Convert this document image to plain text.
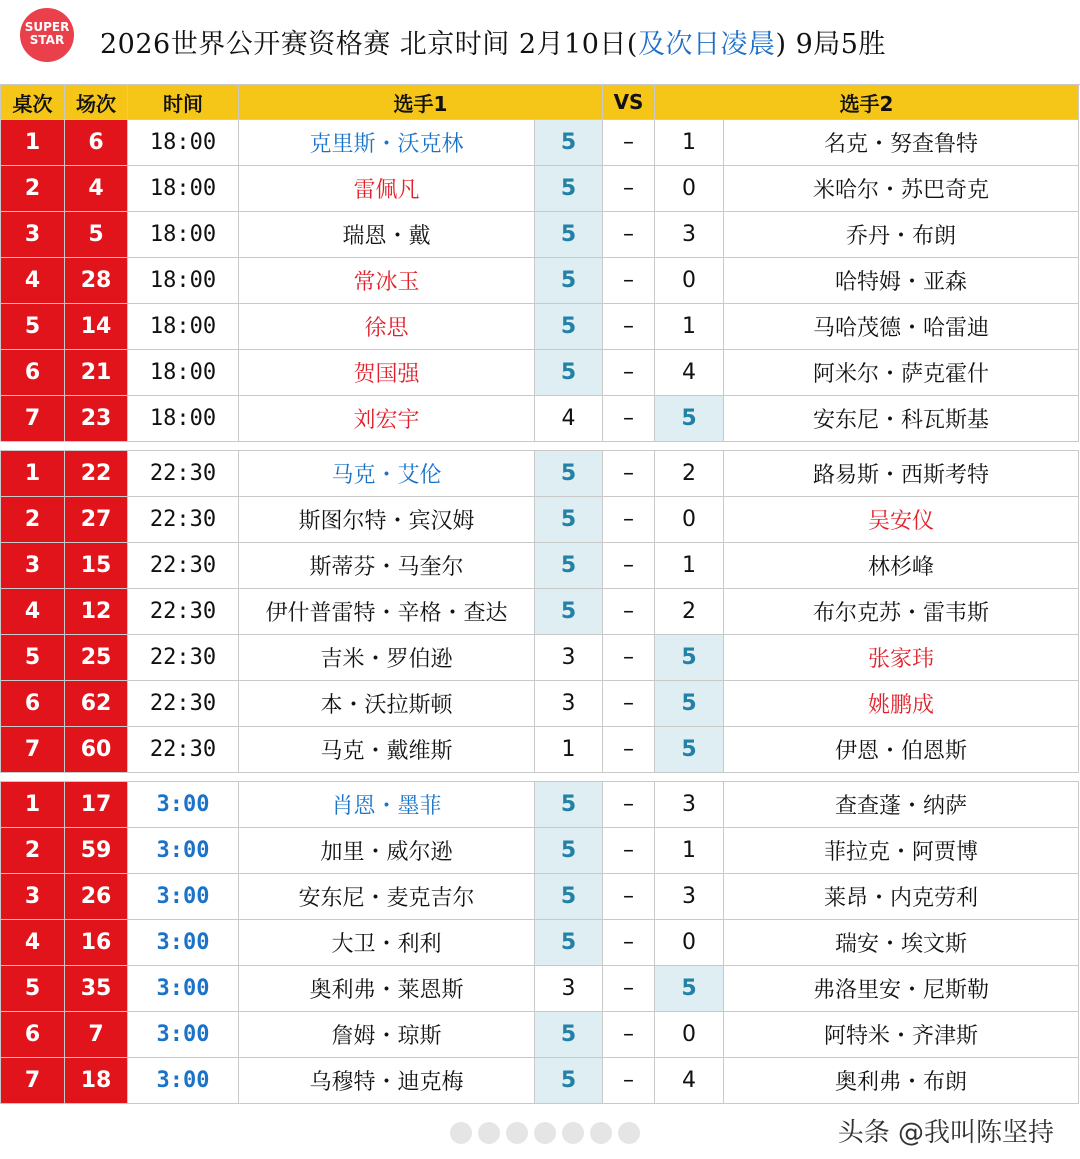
SUPER
STAR	2026世界公开赛资格赛 北京时间 2月10日(及次日凌晨) 9局5胜
桌次	场次	时间	选手1		VS	选手2	
1	6	18:00	克里斯・沃克林	5	–	1	名克・努查鲁特
2	4	18:00	雷佩凡	5	–	0	米哈尔・苏巴奇克
3	5	18:00	瑞恩・戴	5	–	3	乔丹・布朗
4	28	18:00	常冰玉	5	–	0	哈特姆・亚森
5	14	18:00	徐思	5	–	1	马哈茂德・哈雷迪
6	21	18:00	贺国强	5	–	4	阿米尔・萨克霍什
7	23	18:00	刘宏宇	4	–	5	安东尼・科瓦斯基

1	22	22:30	马克・艾伦	5	–	2	路易斯・西斯考特
2	27	22:30	斯图尔特・宾汉姆	5	–	0	吴安仪
3	15	22:30	斯蒂芬・马奎尔	5	–	1	林杉峰
4	12	22:30	伊什普雷特・辛格・查达	5	–	2	布尔克苏・雷韦斯
5	25	22:30	吉米・罗伯逊	3	–	5	张家玮
6	62	22:30	本・沃拉斯顿	3	–	5	姚鹏成
7	60	22:30	马克・戴维斯	1	–	5	伊恩・伯恩斯

1	17	3:00	肖恩・墨菲	5	–	3	查查蓬・纳萨
2	59	3:00	加里・威尔逊	5	–	1	菲拉克・阿贾博
3	26	3:00	安东尼・麦克吉尔	5	–	3	莱昂・内克劳利
4	16	3:00	大卫・利利	5	–	0	瑞安・埃文斯
5	35	3:00	奥利弗・莱恩斯	3	–	5	弗洛里安・尼斯勒
6	7	3:00	詹姆・琼斯	5	–	0	阿特米・齐津斯
7	18	3:00	乌穆特・迪克梅	5	–	4	奥利弗・布朗
头条 @我叫陈坚持
